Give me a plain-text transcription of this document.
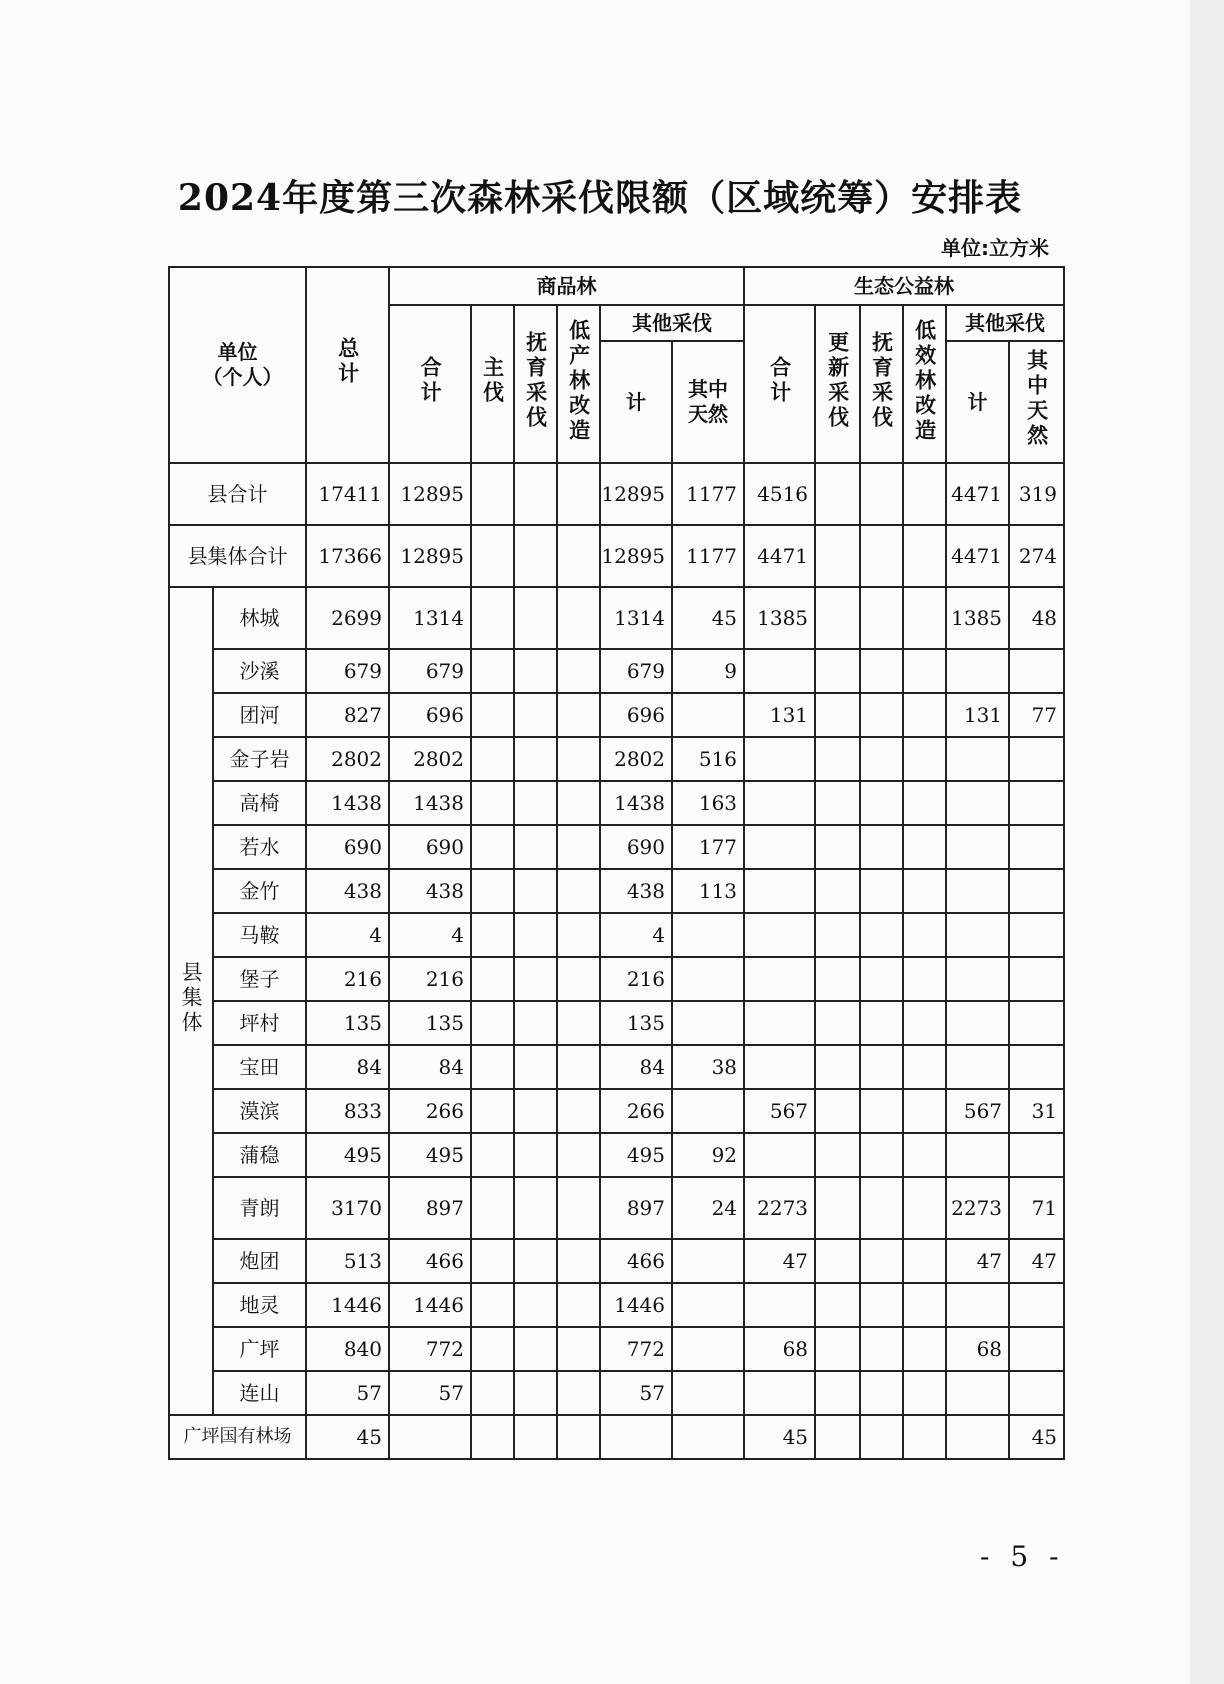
2024年度第三次森林采伐限额（区域统筹）安排表
单位:立方米
单位（个人）		总计	商品林						生态公益林					
			合计	主伐	抚育采伐	低产林改造	其他采伐		合计	更新采伐	抚育采伐	低效林改造	其他采伐	
							计	其中天然					计	其中天然
县合计		17411	12895				12895	1177	4516				4471	319
县集体合计		17366	12895				12895	1177	4471				4471	274
县集体	林城	2699	1314				1314	45	1385				1385	48
	沙溪	679	679				679	9						
	团河	827	696				696		131				131	77
	金子岩	2802	2802				2802	516						
	高椅	1438	1438				1438	163						
	若水	690	690				690	177						
	金竹	438	438				438	113						
	马鞍	4	4				4							
	堡子	216	216				216							
	坪村	135	135				135							
	宝田	84	84				84	38						
	漠滨	833	266				266		567				567	31
	蒲稳	495	495				495	92						
	青朗	3170	897				897	24	2273				2273	71
	炮团	513	466				466		47				47	47
	地灵	1446	1446				1446							
	广坪	840	772				772		68				68	
	连山	57	57				57							
广坪国有林场		45							45					45
- 5 -
